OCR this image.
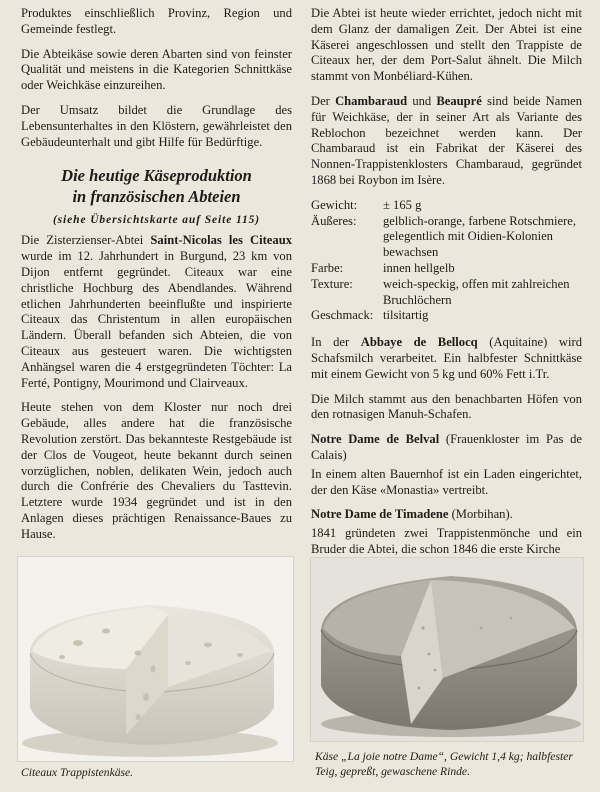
Produktes einschließlich Provinz, Region und Gemeinde festlegt.

Die Abteikäse sowie deren Abarten sind von feinster Qualität und meistens in die Kategorien Schnittkäse oder Weichkäse einzureihen.

Der Umsatz bildet die Grundlage des Lebensunterhaltes in den Klöstern, gewährleistet den Gebäudeunterhalt und gibt Hilfe für Bedürftige.

Die heutige Käseproduktion
in französischen Abteien
(siehe Übersichtskarte auf Seite 115)

Die Zisterzienser-Abtei Saint-Nicolas les Citeaux wurde im 12. Jahrhundert in Burgund, 23 km von Dijon entfernt gegründet. Citeaux war eine christliche Hochburg des Abendlandes. Während etlichen Jahrhunderten beeinflußte und inspirierte Citeaux das Christentum in allen europäischen Ländern. Überall befanden sich Abteien, die von Citeaux aus gesteuert waren. Die wichtigsten Anhängsel waren die 4 erstgegründeten Töchter: La Ferté, Pontigny, Mourimond und Clairveaux.

Heute stehen von dem Kloster nur noch drei Gebäude, alles andere hat die französische Revolution zerstört. Das bekannteste Restgebäude ist der Clos de Vougeot, heute bekannt durch seinen vorzüglichen, noblen, delikaten Wein, jedoch auch durch die Confrérie des Chevaliers du Tasttevin. Letztere wurde 1934 gegründet und ist in den Anlagen dieses prächtigen Renaissance-Baues zu Hause.

Die Abtei ist heute wieder errichtet, jedoch nicht mit dem Glanz der damaligen Zeit. Der Abtei ist eine Käserei angeschlossen und stellt den Trappiste de Citeaux her, der dem Port-Salut ähnelt. Die Milch stammt von Monbéliard-Kühen.

Der Chambaraud und Beaupré sind beide Namen für Weichkäse, der in seiner Art als Variante des Reblochon bezeichnet werden kann. Der Chambaraud ist ein Fabrikat der Käserei des Nonnen-Trappistenklosters Chambaraud, gegründet 1868 bei Roybon im Isère.

Gewicht:	± 165 g
Äußeres:	gelblich-orange, farbene Rotschmiere, gelegentlich mit Oidien-Kolonien bewachsen
Farbe:	innen hellgelb
Texture:	weich-speckig, offen mit zahlreichen Bruchlöchern
Geschmack: tilsitartig

In der Abbaye de Bellocq (Aquitaine) wird Schafsmilch verarbeitet. Ein halbfester Schnittkäse mit einem Gewicht von 5 kg und 60% Fett i.Tr.

Die Milch stammt aus den benachbarten Höfen von den rotnasigen Manuh-Schafen.

Notre Dame de Belval (Frauenkloster im Pas de Calais)

In einem alten Bauernhof ist ein Laden eingerichtet, der den Käse «Monastia» vertreibt.

Notre Dame de Timadene (Morbihan).

1841 gründeten zwei Trappistenmönche und ein Bruder die Abtei, die schon 1846 die erste Kirche

Citeaux Trappistenkäse.
Käse „La joie notre Dame“, Gewicht 1,4 kg; halbfester Teig, gepreßt, gewaschene Rinde.
